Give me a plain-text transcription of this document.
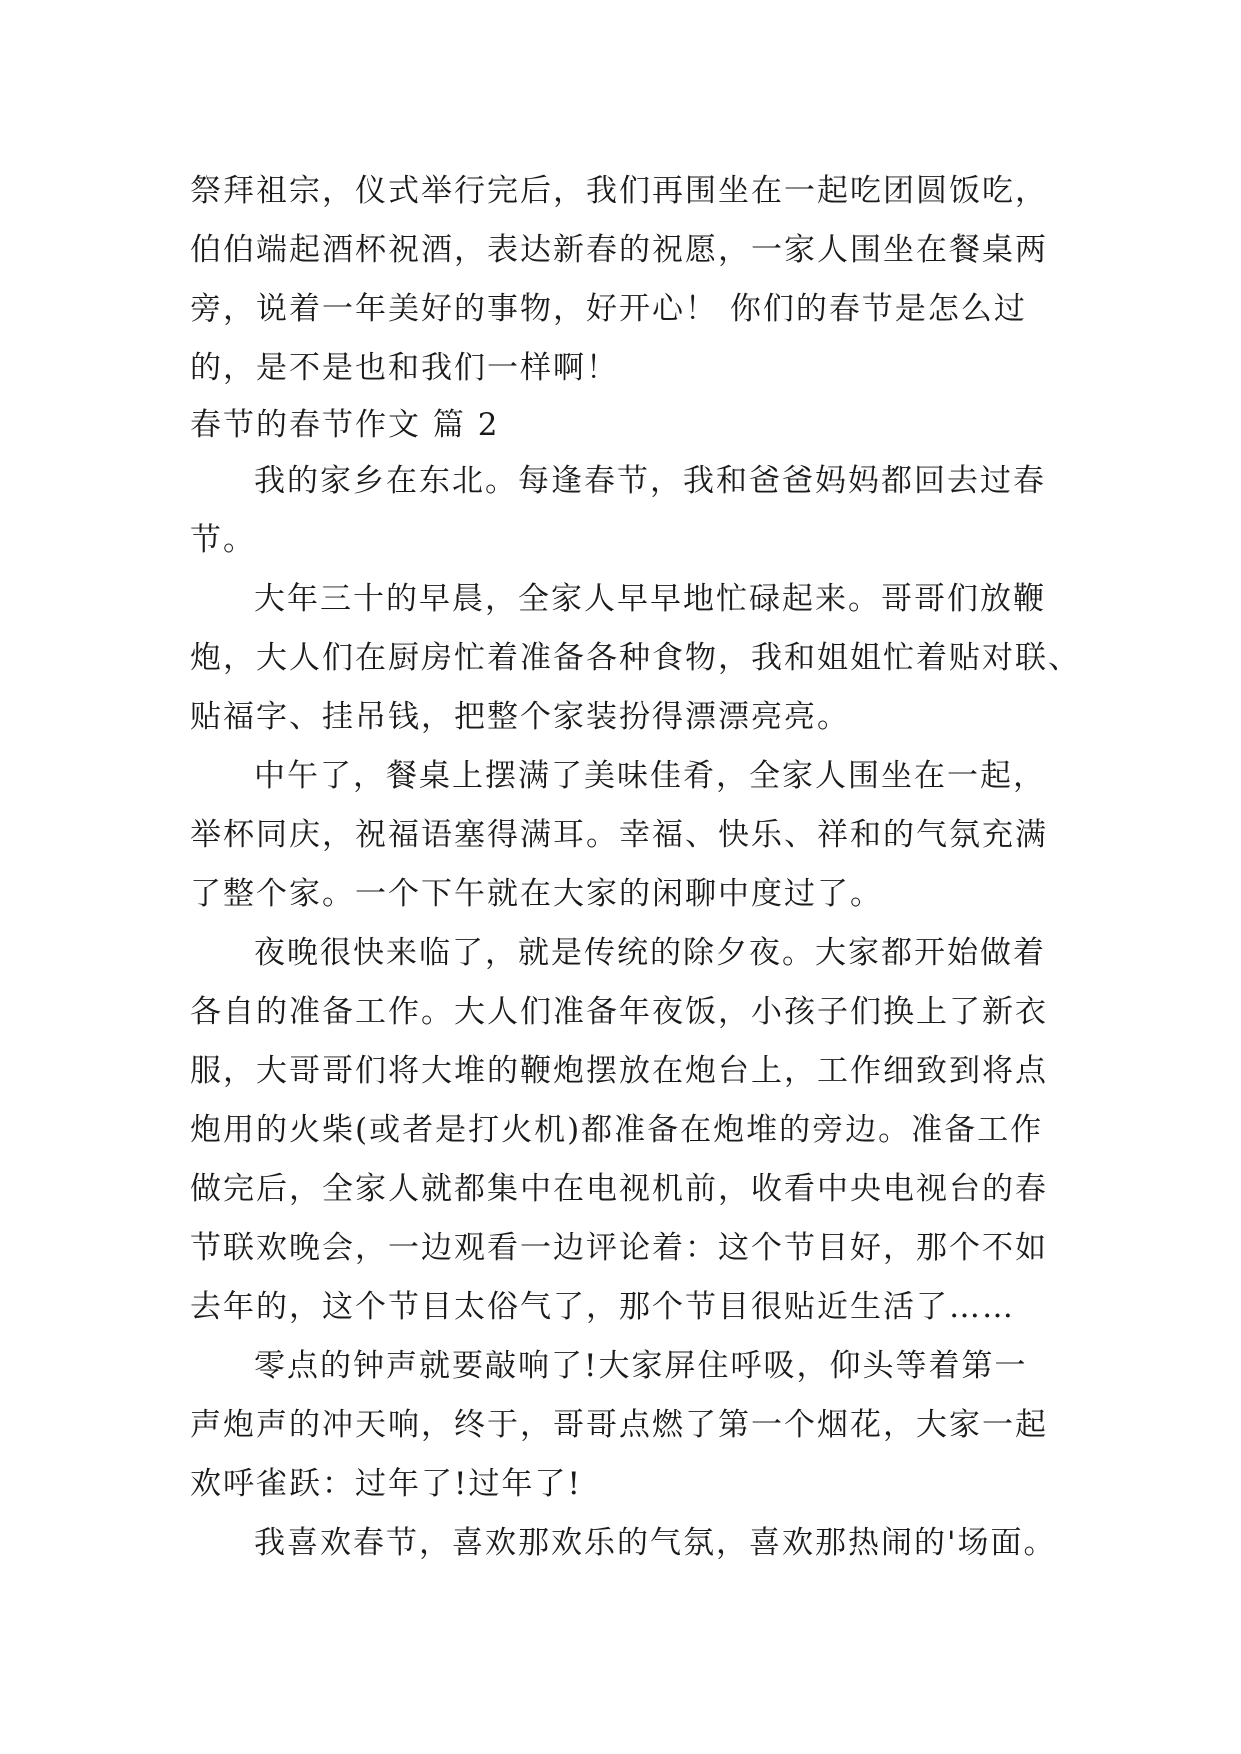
祭拜祖宗，仪式举行完后，我们再围坐在一起吃团圆饭吃，
伯伯端起酒杯祝酒，表达新春的祝愿，一家人围坐在餐桌两
旁，说着一年美好的事物，好开心！ 你们的春节是怎么过
的，是不是也和我们一样啊！
春节的春节作文 篇 2
我的家乡在东北。每逢春节，我和爸爸妈妈都回去过春
节。
大年三十的早晨，全家人早早地忙碌起来。哥哥们放鞭
炮，大人们在厨房忙着准备各种食物，我和姐姐忙着贴对联、
贴福字、挂吊钱，把整个家装扮得漂漂亮亮。
中午了，餐桌上摆满了美味佳肴，全家人围坐在一起，
举杯同庆，祝福语塞得满耳。幸福、快乐、祥和的气氛充满
了整个家。一个下午就在大家的闲聊中度过了。
夜晚很快来临了，就是传统的除夕夜。大家都开始做着
各自的准备工作。大人们准备年夜饭，小孩子们换上了新衣
服，大哥哥们将大堆的鞭炮摆放在炮台上，工作细致到将点
炮用的火柴(或者是打火机)都准备在炮堆的旁边。准备工作
做完后，全家人就都集中在电视机前，收看中央电视台的春
节联欢晚会，一边观看一边评论着：这个节目好，那个不如
去年的，这个节目太俗气了，那个节目很贴近生活了……
零点的钟声就要敲响了!大家屏住呼吸，仰头等着第一
声炮声的冲天响，终于，哥哥点燃了第一个烟花，大家一起
欢呼雀跃：过年了!过年了!
我喜欢春节，喜欢那欢乐的气氛，喜欢那热闹的'场面。
